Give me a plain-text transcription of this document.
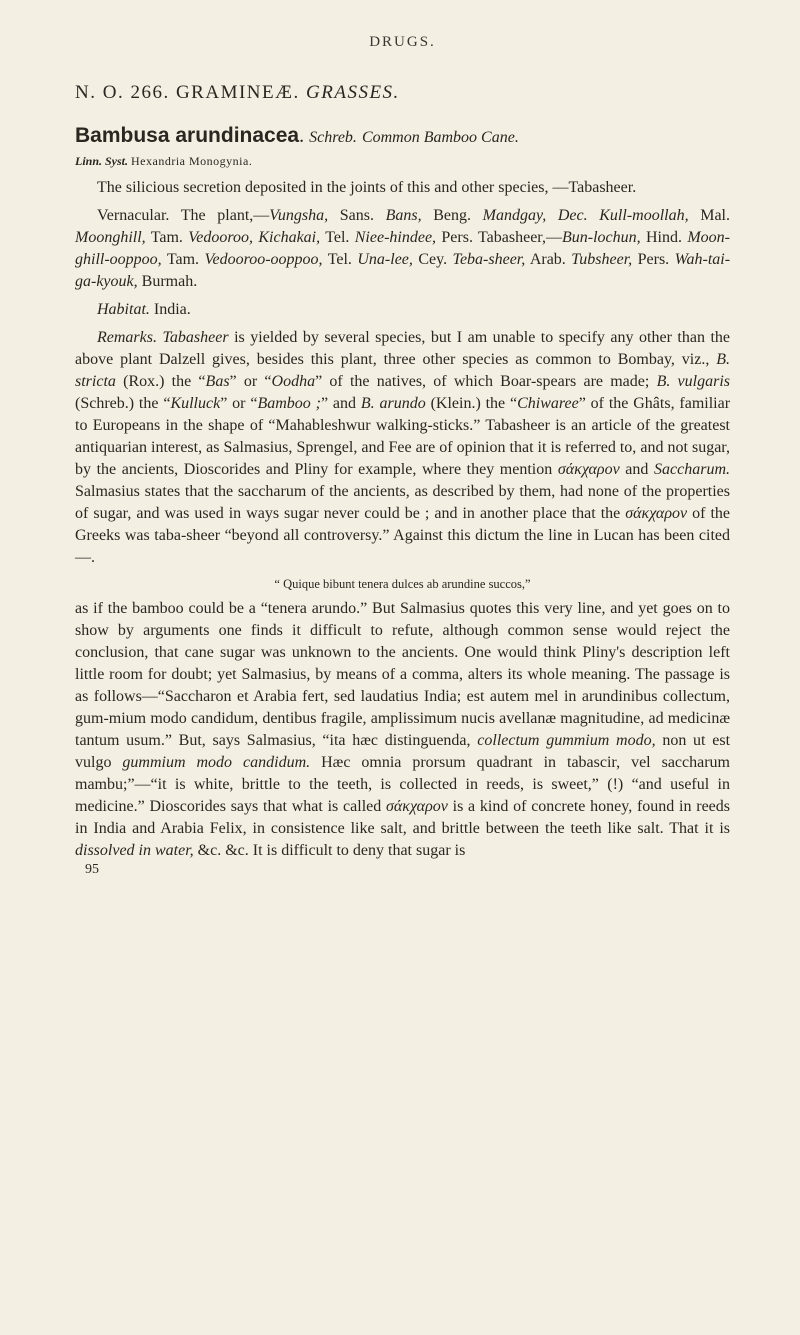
DRUGS.
N. O. 266. GRAMINEÆ. GRASSES.
Bambusa arundinacea. Schreb. Common Bamboo Cane.
Linn. Syst. Hexandria Monogynia.

The silicious secretion deposited in the joints of this and other species, —Tabasheer.

Vernacular. The plant,—Vungsha, Sans. Bans, Beng. Mandgay, Dec. Kull-moollah, Mal. Moonghill, Tam. Vedooroo, Kichakai, Tel. Niee-hindee, Pers. Tabasheer,—Bun-lochun, Hind. Moon-ghill-ooppoo, Tam. Vedooroo-ooppoo, Tel. Una-lee, Cey. Teba-sheer, Arab. Tubsheer, Pers. Wah-tai-ga-kyouk, Burmah.

Habitat. India.

Remarks. Tabasheer is yielded by several species, but I am unable to specify any other than the above plant Dalzell gives, besides this plant, three other species as common to Bombay, viz., B. stricta (Rox.) the “Bas” or “Oodha” of the natives, of which Boar-spears are made; B. vulgaris (Schreb.) the “Kulluck” or “Bamboo ;” and B. arundo (Klein.) the “Chiwaree” of the Ghâts, familiar to Europeans in the shape of “Mahableshwur walking-sticks.” Tabasheer is an article of the greatest antiquarian interest, as Salmasius, Sprengel, and Fee are of opinion that it is referred to, and not sugar, by the ancients, Dioscorides and Pliny for example, where they mention σάκχαρον and Saccharum. Salmasius states that the saccharum of the ancients, as described by them, had none of the properties of sugar, and was used in ways sugar never could be ; and in another place that the σάκχαρον of the Greeks was taba-sheer “beyond all controversy.” Against this dictum the line in Lucan has been cited—.

“ Quique bibunt tenera dulces ab arundine succos,”

as if the bamboo could be a “tenera arundo.” But Salmasius quotes this very line, and yet goes on to show by arguments one finds it difficult to refute, although common sense would reject the conclusion, that cane sugar was unknown to the ancients. One would think Pliny's description left little room for doubt; yet Salmasius, by means of a comma, alters its whole meaning. The passage is as follows—“Saccharon et Arabia fert, sed laudatius India; est autem mel in arundinibus collectum, gum-mium modo candidum, dentibus fragile, amplissimum nucis avellanæ magnitudine, ad medicinæ tantum usum.” But, says Salmasius, “ita hæc distinguenda, collectum gummium modo, non ut est vulgo gummium modo candidum. Hæc omnia prorsum quadrant in tabascir, vel saccharum mambu;”—“it is white, brittle to the teeth, is collected in reeds, is sweet,” (!) “and useful in medicine.” Dioscorides says that what is called σάκχαρον is a kind of concrete honey, found in reeds in India and Arabia Felix, in consistence like salt, and brittle between the teeth like salt. That it is dissolved in water, &c. &c. It is difficult to deny that sugar is

95
